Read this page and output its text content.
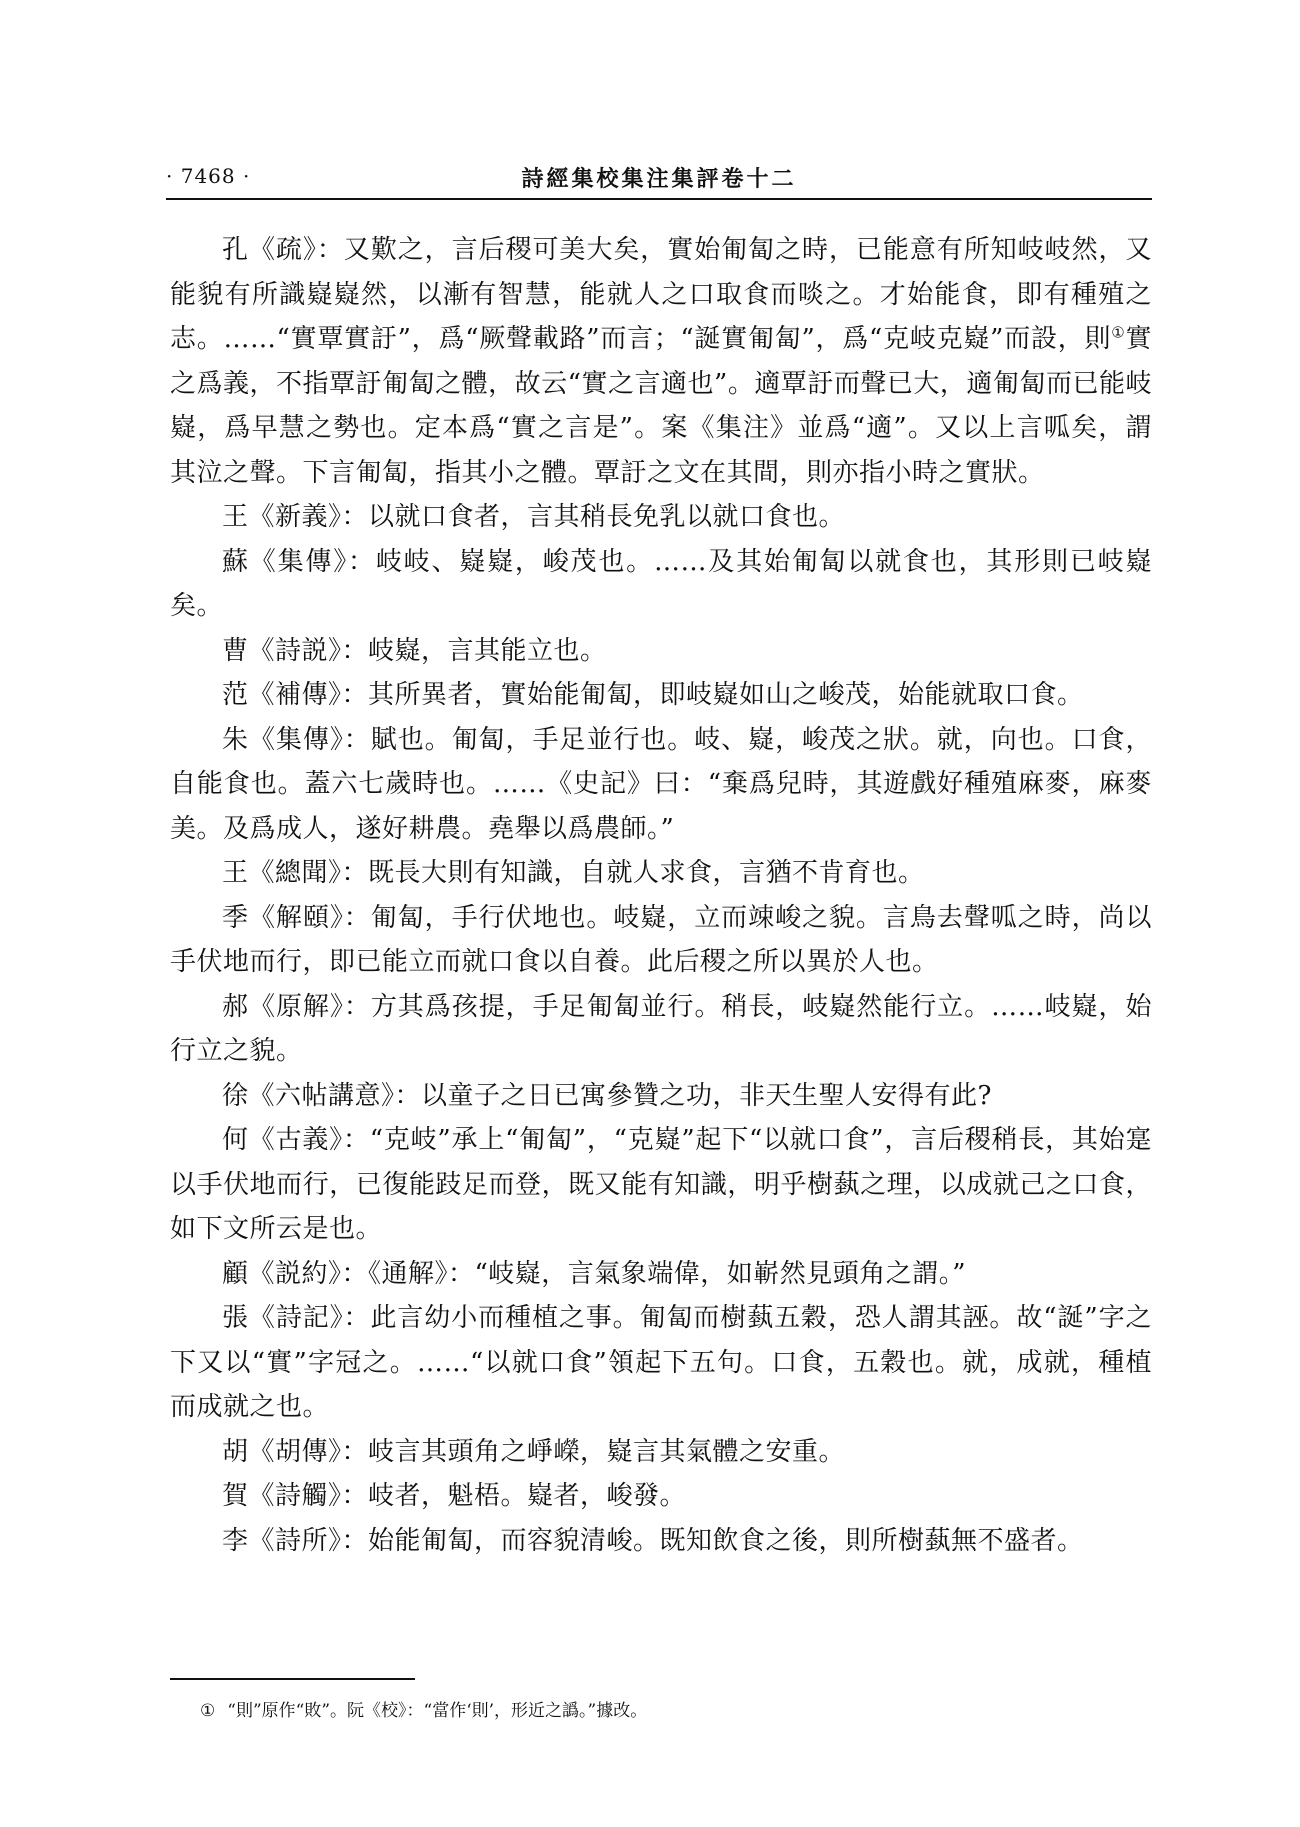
· 7468 ·	詩經集校集注集評卷十二

孔《疏》：又歎之，言后稷可美大矣，實始匍匐之時，已能意有所知岐岐然，又能貌有所識嶷嶷然，以漸有智慧，能就人之口取食而啖之。才始能食，即有種殖之志。……“實覃實訏”，爲“厥聲載路”而言；“誕實匍匐”，爲“克岐克嶷”而設，則①實之爲義，不指覃訏匍匐之體，故云“實之言適也”。適覃訏而聲已大，適匍匐而已能岐嶷，爲早慧之勢也。定本爲“實之言是”。案《集注》並爲“適”。又以上言呱矣，謂其泣之聲。下言匍匐，指其小之體。覃訏之文在其間，則亦指小時之實狀。

王《新義》：以就口食者，言其稍長免乳以就口食也。

蘇《集傳》：岐岐、嶷嶷，峻茂也。……及其始匍匐以就食也，其形則已岐嶷矣。

曹《詩説》：岐嶷，言其能立也。

范《補傳》：其所異者，實始能匍匐，即岐嶷如山之峻茂，始能就取口食。

朱《集傳》：賦也。匍匐，手足並行也。岐、嶷，峻茂之狀。就，向也。口食，自能食也。蓋六七歲時也。……《史記》曰：“棄爲兒時，其遊戲好種殖麻麥，麻麥美。及爲成人，遂好耕農。堯舉以爲農師。”

王《總聞》：既長大則有知識，自就人求食，言猶不肯育也。

季《解頤》：匍匐，手行伏地也。岐嶷，立而竦峻之貌。言鳥去聲呱之時，尚以手伏地而行，即已能立而就口食以自養。此后稷之所以異於人也。

郝《原解》：方其爲孩提，手足匍匐並行。稍長，岐嶷然能行立。……岐嶷，始行立之貌。

徐《六帖講意》：以童子之日已寓參贊之功，非天生聖人安得有此?

何《古義》：“克岐”承上“匍匐”，“克嶷”起下“以就口食”，言后稷稍長，其始寔以手伏地而行，已復能跂足而登，既又能有知識，明乎樹蓺之理，以成就己之口食，如下文所云是也。

顧《説約》：《通解》：“岐嶷，言氣象端偉，如嶄然見頭角之謂。”

張《詩記》：此言幼小而種植之事。匍匐而樹蓺五穀，恐人謂其誣。故“誕”字之下又以“實”字冠之。……“以就口食”領起下五句。口食，五穀也。就，成就，種植而成就之也。

胡《胡傳》：岐言其頭角之崢嶸，嶷言其氣體之安重。

賀《詩觸》：岐者，魁梧。嶷者，峻發。

李《詩所》：始能匍匐，而容貌清峻。既知飲食之後，則所樹蓺無不盛者。

① “則”原作“敗”。阮《校》：“當作‘則’，形近之譌。”據改。
